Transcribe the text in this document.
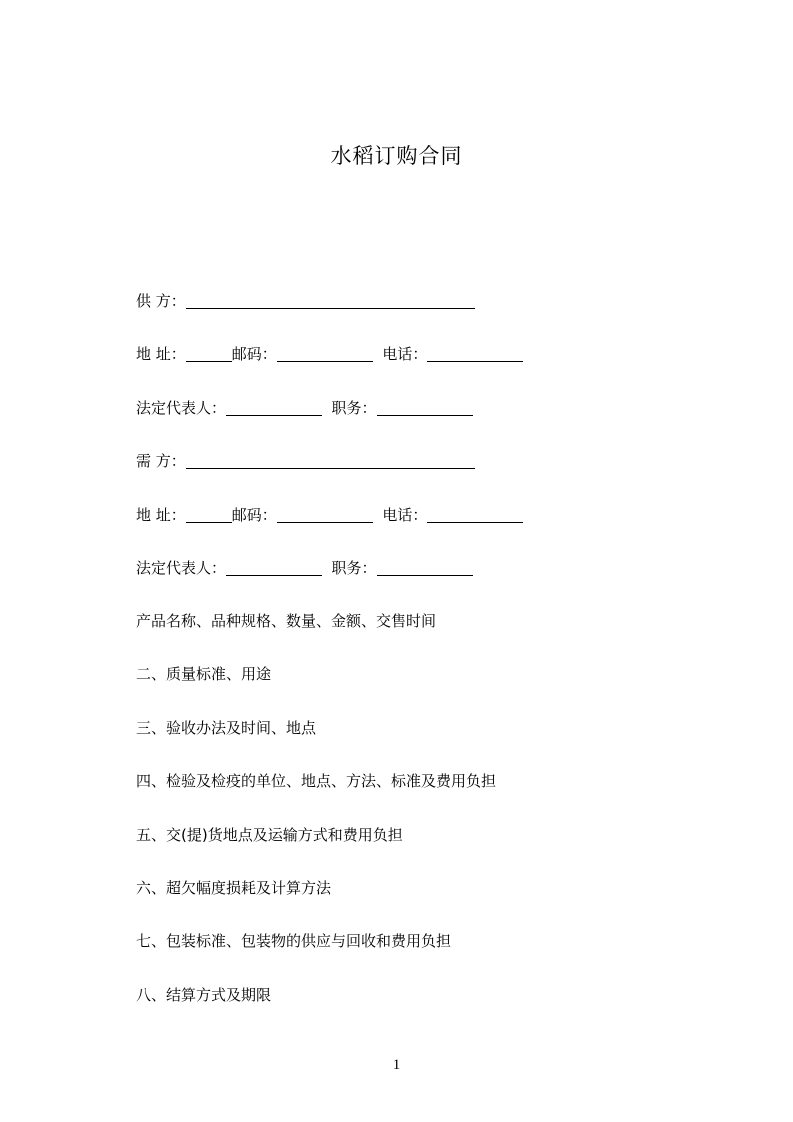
水稻订购合同
供 方：
地 址：	邮码：	电话：
法定代表人：	职务：
需 方：
地 址：	邮码：	电话：
法定代表人：	职务：
产品名称、品种规格、数量、金额、交售时间
二、质量标准、用途
三、验收办法及时间、地点
四、检验及检疫的单位、地点、方法、标准及费用负担
五、交(提)货地点及运输方式和费用负担
六、超欠幅度损耗及计算方法
七、包装标准、包装物的供应与回收和费用负担
八、结算方式及期限
1
